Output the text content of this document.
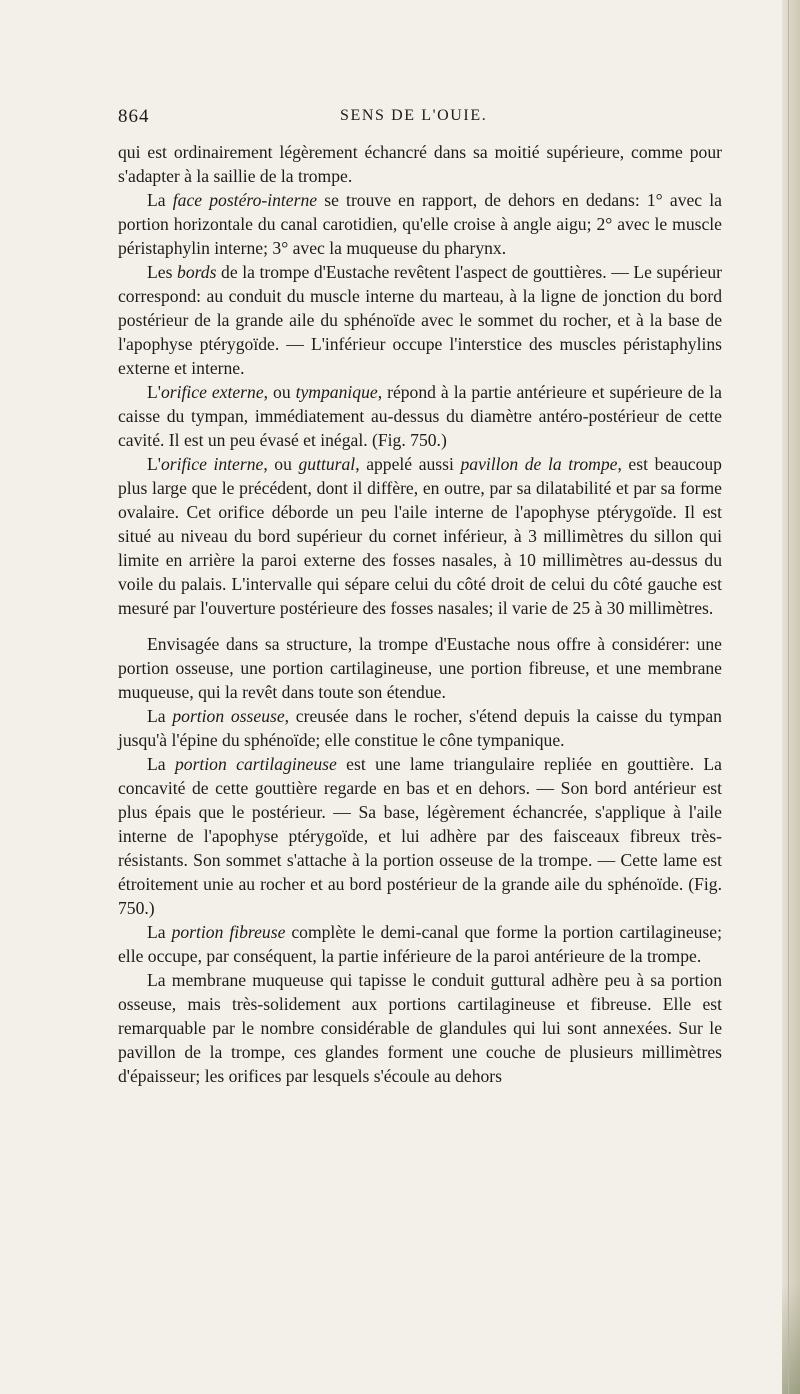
864	SENS DE L'OUIE.

qui est ordinairement légèrement échancré dans sa moitié supérieure, comme pour s'adapter à la saillie de la trompe.

La face postéro-interne se trouve en rapport, de dehors en dedans: 1° avec la portion horizontale du canal carotidien, qu'elle croise à angle aigu; 2° avec le muscle péristaphylin interne; 3° avec la muqueuse du pharynx.

Les bords de la trompe d'Eustache revêtent l'aspect de gouttières. — Le supérieur correspond: au conduit du muscle interne du marteau, à la ligne de jonction du bord postérieur de la grande aile du sphénoïde avec le sommet du rocher, et à la base de l'apophyse ptérygoïde. — L'inférieur occupe l'interstice des muscles péristaphylins externe et interne.

L'orifice externe, ou tympanique, répond à la partie antérieure et supérieure de la caisse du tympan, immédiatement au-dessus du diamètre antéro-postérieur de cette cavité. Il est un peu évasé et inégal. (Fig. 750.)

L'orifice interne, ou guttural, appelé aussi pavillon de la trompe, est beaucoup plus large que le précédent, dont il diffère, en outre, par sa dilatabilité et par sa forme ovalaire. Cet orifice déborde un peu l'aile interne de l'apophyse ptérygoïde. Il est situé au niveau du bord supérieur du cornet inférieur, à 3 millimètres du sillon qui limite en arrière la paroi externe des fosses nasales, à 10 millimètres au-dessus du voile du palais. L'intervalle qui sépare celui du côté droit de celui du côté gauche est mesuré par l'ouverture postérieure des fosses nasales; il varie de 25 à 30 millimètres.

Envisagée dans sa structure, la trompe d'Eustache nous offre à considérer: une portion osseuse, une portion cartilagineuse, une portion fibreuse, et une membrane muqueuse, qui la revêt dans toute son étendue.

La portion osseuse, creusée dans le rocher, s'étend depuis la caisse du tympan jusqu'à l'épine du sphénoïde; elle constitue le cône tympanique.

La portion cartilagineuse est une lame triangulaire repliée en gouttière. La concavité de cette gouttière regarde en bas et en dehors. — Son bord antérieur est plus épais que le postérieur. — Sa base, légèrement échancrée, s'applique à l'aile interne de l'apophyse ptérygoïde, et lui adhère par des faisceaux fibreux très-résistants. Son sommet s'attache à la portion osseuse de la trompe. — Cette lame est étroitement unie au rocher et au bord postérieur de la grande aile du sphénoïde. (Fig. 750.)

La portion fibreuse complète le demi-canal que forme la portion cartilagineuse; elle occupe, par conséquent, la partie inférieure de la paroi antérieure de la trompe.

La membrane muqueuse qui tapisse le conduit guttural adhère peu à sa portion osseuse, mais très-solidement aux portions cartilagineuse et fibreuse. Elle est remarquable par le nombre considérable de glandules qui lui sont annexées. Sur le pavillon de la trompe, ces glandes forment une couche de plusieurs millimètres d'épaisseur; les orifices par lesquels s'écoule au dehors
